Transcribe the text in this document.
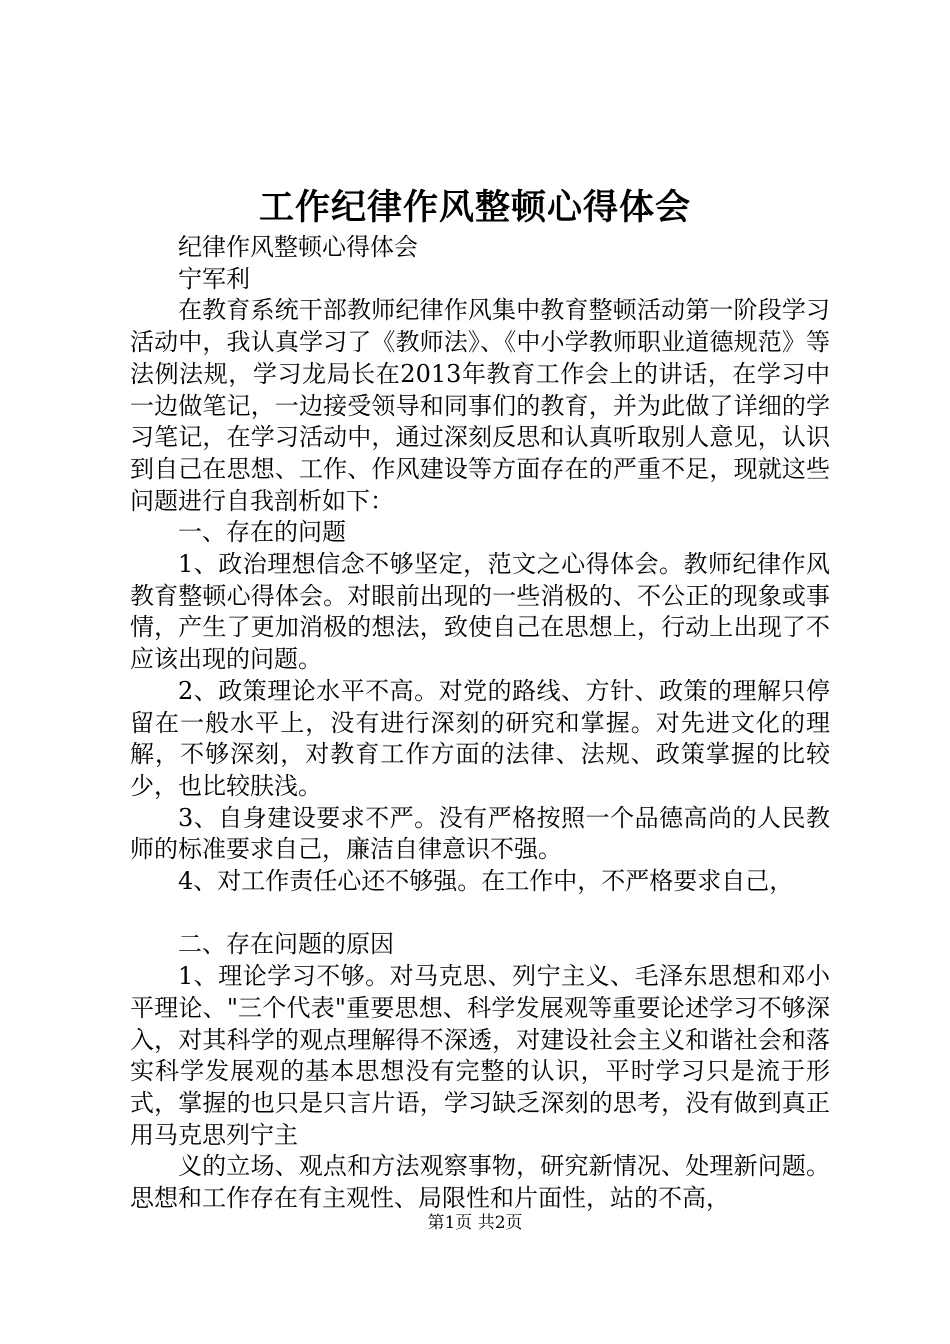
工作纪律作风整顿心得体会

纪律作风整顿心得体会

宁军利

在教育系统干部教师纪律作风集中教育整顿活动第一阶段学习活动中，我认真学习了《教师法》、《中小学教师职业道德规范》等法例法规，学习龙局长在2013年教育工作会上的讲话，在学习中一边做笔记，一边接受领导和同事们的教育，并为此做了详细的学习笔记，在学习活动中，通过深刻反思和认真听取别人意见，认识到自己在思想、工作、作风建设等方面存在的严重不足，现就这些问题进行自我剖析如下：

一、存在的问题

1、政治理想信念不够坚定，范文之心得体会。教师纪律作风教育整顿心得体会。对眼前出现的一些消极的、不公正的现象或事情，产生了更加消极的想法，致使自己在思想上，行动上出现了不应该出现的问题。

2、政策理论水平不高。对党的路线、方针、政策的理解只停留在一般水平上，没有进行深刻的研究和掌握。对先进文化的理解，不够深刻，对教育工作方面的法律、法规、政策掌握的比较少，也比较肤浅。

3、自身建设要求不严。没有严格按照一个品德高尚的人民教师的标准要求自己，廉洁自律意识不强。

4、对工作责任心还不够强。在工作中，不严格要求自己，

二、存在问题的原因

1、理论学习不够。对马克思、列宁主义、毛泽东思想和邓小平理论、"三个代表"重要思想、科学发展观等重要论述学习不够深入，对其科学的观点理解得不深透，对建设社会主义和谐社会和落实科学发展观的基本思想没有完整的认识，平时学习只是流于形式，掌握的也只是只言片语，学习缺乏深刻的思考，没有做到真正用马克思列宁主

义的立场、观点和方法观察事物，研究新情况、处理新问题。思想和工作存在有主观性、局限性和片面性，站的不高，

第1页 共2页
